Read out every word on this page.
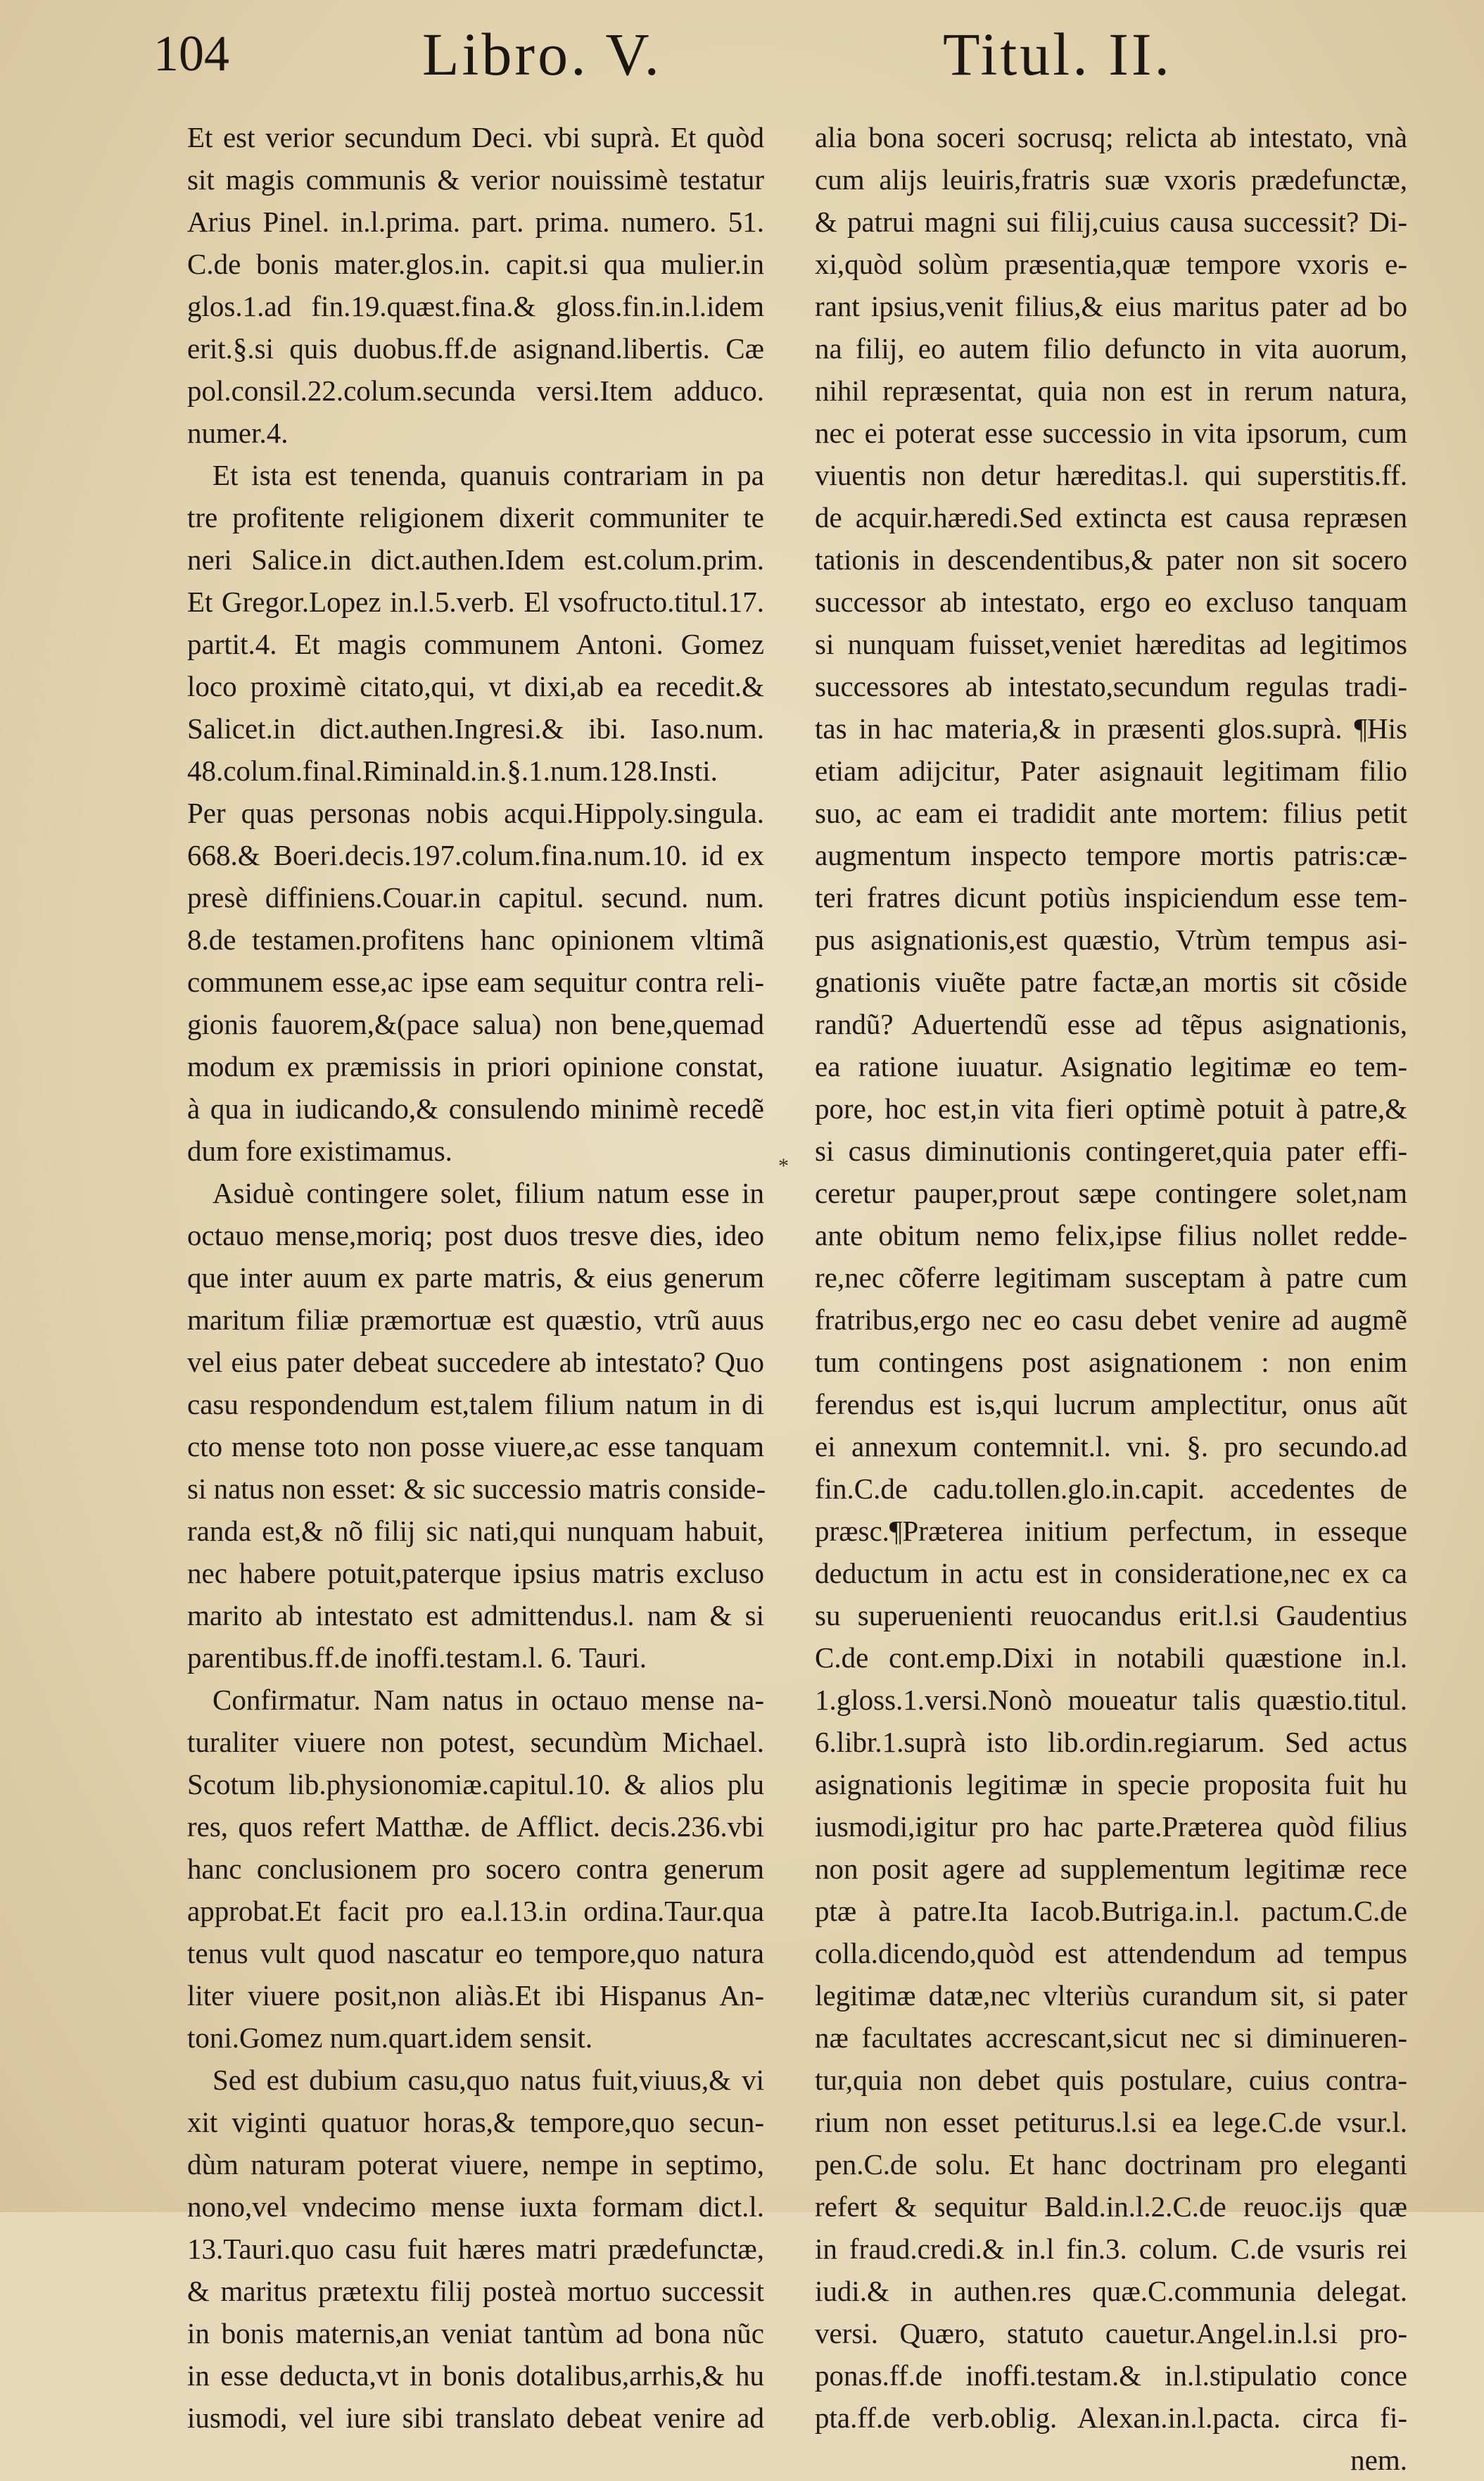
104	Libro. V.	Titul. II.
Et est verior secundum Deci. vbi suprà. Et quòd
sit magis communis & verior nouissimè testatur
Arius Pinel. in.l.prima. part. prima. numero. 51.
C.de bonis mater.glos.in. capit.si qua mulier.in
glos.1.ad fin.19.quæst.fina.& gloss.fin.in.l.idem
erit.§.si quis duobus.ff.de asignand.libertis. Cæ
pol.consil.22.colum.secunda versi.Item adduco.
numer.4.
Et ista est tenenda, quanuis contrariam in pa
tre profitente religionem dixerit communiter te
neri Salice.in dict.authen.Idem est.colum.prim.
Et Gregor.Lopez in.l.5.verb. El vsofructo.titul.17.
partit.4. Et magis communem Antoni. Gomez
loco proximè citato,qui, vt dixi,ab ea recedit.&
Salicet.in dict.authen.Ingresi.& ibi. Iaso.num.
48.colum.final.Riminald.in.§.1.num.128.Insti.
Per quas personas nobis acqui.Hippoly.singula.
668.& Boeri.decis.197.colum.fina.num.10. id ex
presè diffiniens.Couar.in capitul. secund. num.
8.de testamen.profitens hanc opinionem vltimã
communem esse,ac ipse eam sequitur contra reli-
gionis fauorem,&(pace salua) non bene,quemad
modum ex præmissis in priori opinione constat,
à qua in iudicando,& consulendo minimè recedẽ
dum fore existimamus.
Asiduè contingere solet, filium natum esse in
octauo mense,moriq; post duos tresve dies, ideo
que inter auum ex parte matris, & eius generum
maritum filiæ præmortuæ est quæstio, vtrũ auus
vel eius pater debeat succedere ab intestato? Quo
casu respondendum est,talem filium natum in di
cto mense toto non posse viuere,ac esse tanquam
si natus non esset: & sic successio matris conside-
randa est,& nõ filij sic nati,qui nunquam habuit,
nec habere potuit,paterque ipsius matris excluso
marito ab intestato est admittendus.l. nam & si
parentibus.ff.de inoffi.testam.l. 6. Tauri.
Confirmatur. Nam natus in octauo mense na-
turaliter viuere non potest, secundùm Michael.
Scotum lib.physionomiæ.capitul.10. & alios plu
res, quos refert Matthæ. de Afflict. decis.236.vbi
hanc conclusionem pro socero contra generum
approbat.Et facit pro ea.l.13.in ordina.Taur.qua
tenus vult quod nascatur eo tempore,quo natura
liter viuere posit,non aliàs.Et ibi Hispanus An-
toni.Gomez num.quart.idem sensit.
Sed est dubium casu,quo natus fuit,viuus,& vi
xit viginti quatuor horas,& tempore,quo secun-
dùm naturam poterat viuere, nempe in septimo,
nono,vel vndecimo mense iuxta formam dict.l.
13.Tauri.quo casu fuit hæres matri prædefunctæ,
& maritus prætextu filij posteà mortuo successit
in bonis maternis,an veniat tantùm ad bona nũc
in esse deducta,vt in bonis dotalibus,arrhis,& hu
iusmodi, vel iure sibi translato debeat venire ad
*
alia bona soceri socrusq; relicta ab intestato, vnà
cum alijs leuiris,fratris suæ vxoris prædefunctæ,
& patrui magni sui filij,cuius causa successit? Di-
xi,quòd solùm præsentia,quæ tempore vxoris e-
rant ipsius,venit filius,& eius maritus pater ad bo
na filij, eo autem filio defuncto in vita auorum,
nihil repræsentat, quia non est in rerum natura,
nec ei poterat esse successio in vita ipsorum, cum
viuentis non detur hæreditas.l. qui superstitis.ff.
de acquir.hæredi.Sed extincta est causa repræsen
tationis in descendentibus,& pater non sit socero
successor ab intestato, ergo eo excluso tanquam
si nunquam fuisset,veniet hæreditas ad legitimos
successores ab intestato,secundum regulas tradi-
tas in hac materia,& in præsenti glos.suprà. ¶His
etiam adijcitur, Pater asignauit legitimam filio
suo, ac eam ei tradidit ante mortem: filius petit
augmentum inspecto tempore mortis patris:cæ-
teri fratres dicunt potiùs inspiciendum esse tem-
pus asignationis,est quæstio, Vtrùm tempus asi-
gnationis viuẽte patre factæ,an mortis sit cõside
randũ? Aduertendũ esse ad tẽpus asignationis,
ea ratione iuuatur. Asignatio legitimæ eo tem-
pore, hoc est,in vita fieri optimè potuit à patre,&
si casus diminutionis contingeret,quia pater effi-
ceretur pauper,prout sæpe contingere solet,nam
ante obitum nemo felix,ipse filius nollet redde-
re,nec cõferre legitimam susceptam à patre cum
fratribus,ergo nec eo casu debet venire ad augmẽ
tum contingens post asignationem : non enim
ferendus est is,qui lucrum amplectitur, onus aũt
ei annexum contemnit.l. vni. §. pro secundo.ad
fin.C.de cadu.tollen.glo.in.capit. accedentes de
præsc.¶Præterea initium perfectum, in esseque
deductum in actu est in consideratione,nec ex ca
su superuenienti reuocandus erit.l.si Gaudentius
C.de cont.emp.Dixi in notabili quæstione in.l.
1.gloss.1.versi.Nonò moueatur talis quæstio.titul.
6.libr.1.suprà isto lib.ordin.regiarum. Sed actus
asignationis legitimæ in specie proposita fuit hu
iusmodi,igitur pro hac parte.Præterea quòd filius
non posit agere ad supplementum legitimæ rece
ptæ à patre.Ita Iacob.Butriga.in.l. pactum.C.de
colla.dicendo,quòd est attendendum ad tempus
legitimæ datæ,nec vlteriùs curandum sit, si pater
næ facultates accrescant,sicut nec si diminueren-
tur,quia non debet quis postulare, cuius contra-
rium non esset petiturus.l.si ea lege.C.de vsur.l.
pen.C.de solu. Et hanc doctrinam pro eleganti
refert & sequitur Bald.in.l.2.C.de reuoc.ijs quæ
in fraud.credi.& in.l fin.3. colum. C.de vsuris rei
iudi.& in authen.res quæ.C.communia delegat.
versi. Quæro, statuto cauetur.Angel.in.l.si pro-
ponas.ff.de inoffi.testam.& in.l.stipulatio conce
pta.ff.de verb.oblig. Alexan.in.l.pacta. circa fi-
nem.
